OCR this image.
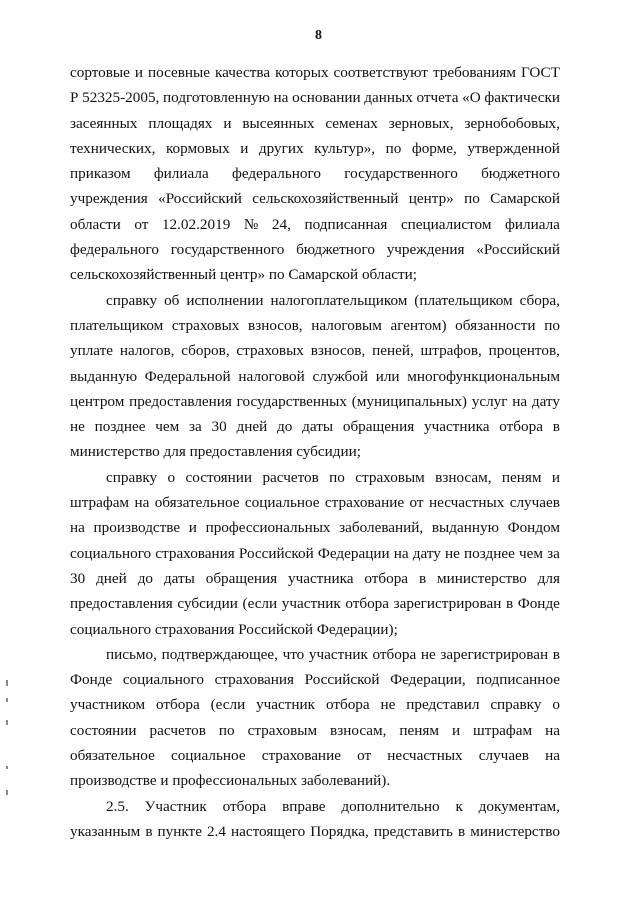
8
сортовые и посевные качества которых соответствуют требованиям ГОСТ
Р 52325-2005, подготовленную на основании данных отчета «О фактически
засеянных площадях и высеянных семенах зерновых, зернобобовых,
технических, кормовых и других культур», по форме, утвержденной
приказом филиала федерального государственного бюджетного
учреждения «Российский сельскохозяйственный центр» по Самарской
области от 12.02.2019 № 24, подписанная специалистом филиала
федерального государственного бюджетного учреждения «Российский
сельскохозяйственный центр» по Самарской области;
справку об исполнении налогоплательщиком (плательщиком сбора,
плательщиком страховых взносов, налоговым агентом) обязанности по
уплате налогов, сборов, страховых взносов, пеней, штрафов, процентов,
выданную Федеральной налоговой службой или многофункциональным
центром предоставления государственных (муниципальных) услуг на дату
не позднее чем за 30 дней до даты обращения участника отбора в
министерство для предоставления субсидии;
справку о состоянии расчетов по страховым взносам, пеням и
штрафам на обязательное социальное страхование от несчастных случаев
на производстве и профессиональных заболеваний, выданную Фондом
социального страхования Российской Федерации на дату не позднее чем за
30 дней до даты обращения участника отбора в министерство для
предоставления субсидии (если участник отбора зарегистрирован в Фонде
социального страхования Российской Федерации);
письмо, подтверждающее, что участник отбора не зарегистрирован в
Фонде социального страхования Российской Федерации, подписанное
участником отбора (если участник отбора не представил справку о
состоянии расчетов по страховым взносам, пеням и штрафам на
обязательное социальное страхование от несчастных случаев на
производстве и профессиональных заболеваний).
2.5. Участник отбора вправе дополнительно к документам,
указанным в пункте 2.4 настоящего Порядка, представить в министерство
